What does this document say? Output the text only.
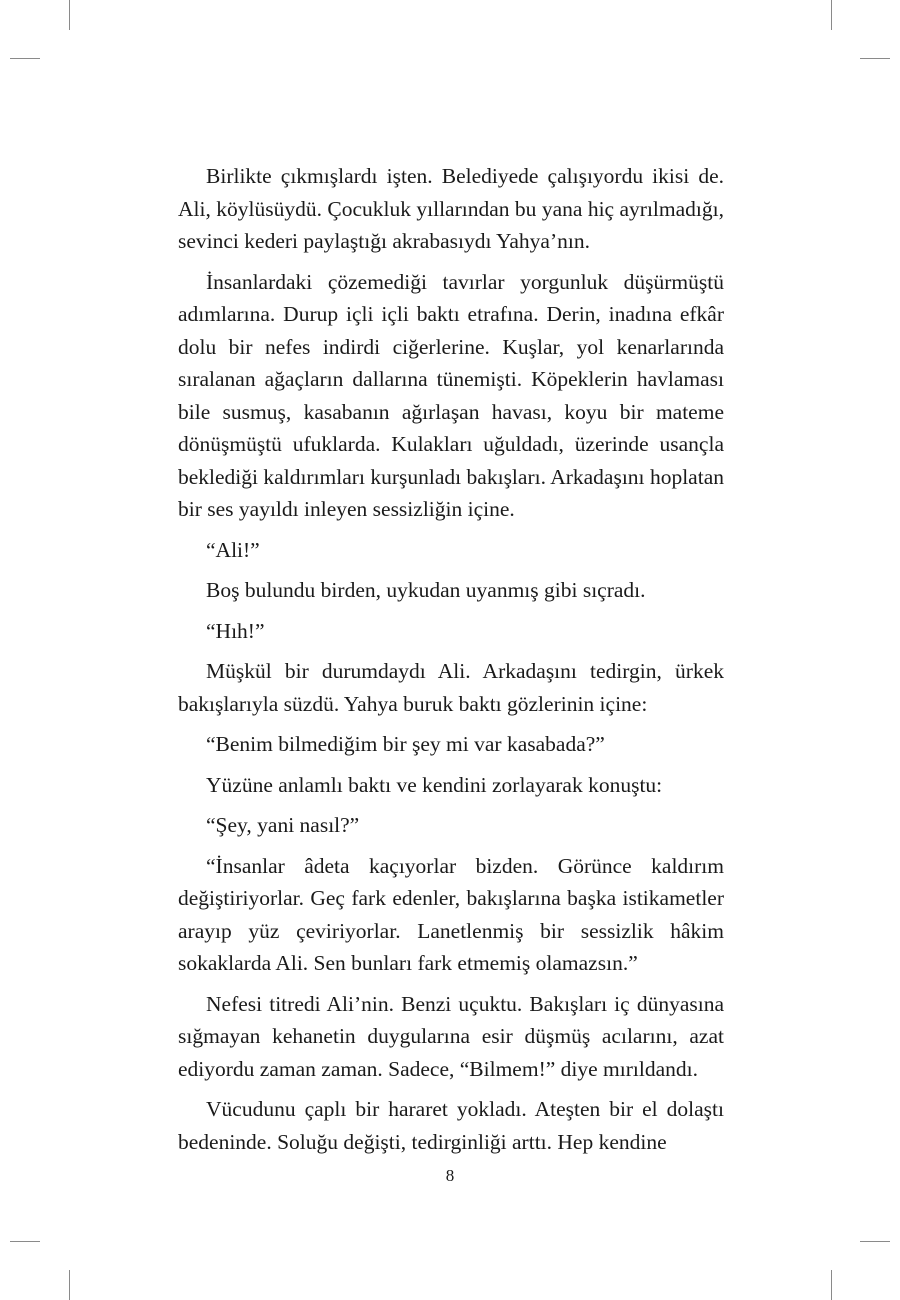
Birlikte çıkmışlardı işten. Belediyede çalışıyordu ikisi de. Ali, köylüsüydü. Çocukluk yıllarından bu yana hiç ayrılmadığı, sevinci kederi paylaştığı akrabasıydı Yahya’nın.

İnsanlardaki çözemediği tavırlar yorgunluk düşürmüştü adımlarına. Durup içli içli baktı etrafına. Derin, inadına efkâr dolu bir nefes indirdi ciğerlerine. Kuşlar, yol kenarlarında sıralanan ağaçların dallarına tünemişti. Köpeklerin havlaması bile susmuş, kasabanın ağırlaşan havası, koyu bir mateme dönüşmüştü ufuklarda. Kulakları uğuldadı, üzerinde usançla beklediği kaldırımları kurşunladı bakışları. Arkadaşını hoplatan bir ses yayıldı inleyen sessizliğin içine.

“Ali!”

Boş bulundu birden, uykudan uyanmış gibi sıçradı.

“Hıh!”

Müşkül bir durumdaydı Ali. Arkadaşını tedirgin, ürkek bakışlarıyla süzdü. Yahya buruk baktı gözlerinin içine:

“Benim bilmediğim bir şey mi var kasabada?”

Yüzüne anlamlı baktı ve kendini zorlayarak konuştu:

“Şey, yani nasıl?”

“İnsanlar âdeta kaçıyorlar bizden. Görünce kaldırım değiştiriyorlar. Geç fark edenler, bakışlarına başka istikametler arayıp yüz çeviriyorlar. Lanetlenmiş bir sessizlik hâkim sokaklarda Ali. Sen bunları fark etmemiş olamazsın.”

Nefesi titredi Ali’nin. Benzi uçuktu. Bakışları iç dünyasına sığmayan kehanetin duygularına esir düşmüş acılarını, azat ediyordu zaman zaman. Sadece, “Bilmem!” diye mırıldandı.

Vücudunu çaplı bir hararet yokladı. Ateşten bir el dolaştı bedeninde. Soluğu değişti, tedirginliği arttı. Hep kendine

8
